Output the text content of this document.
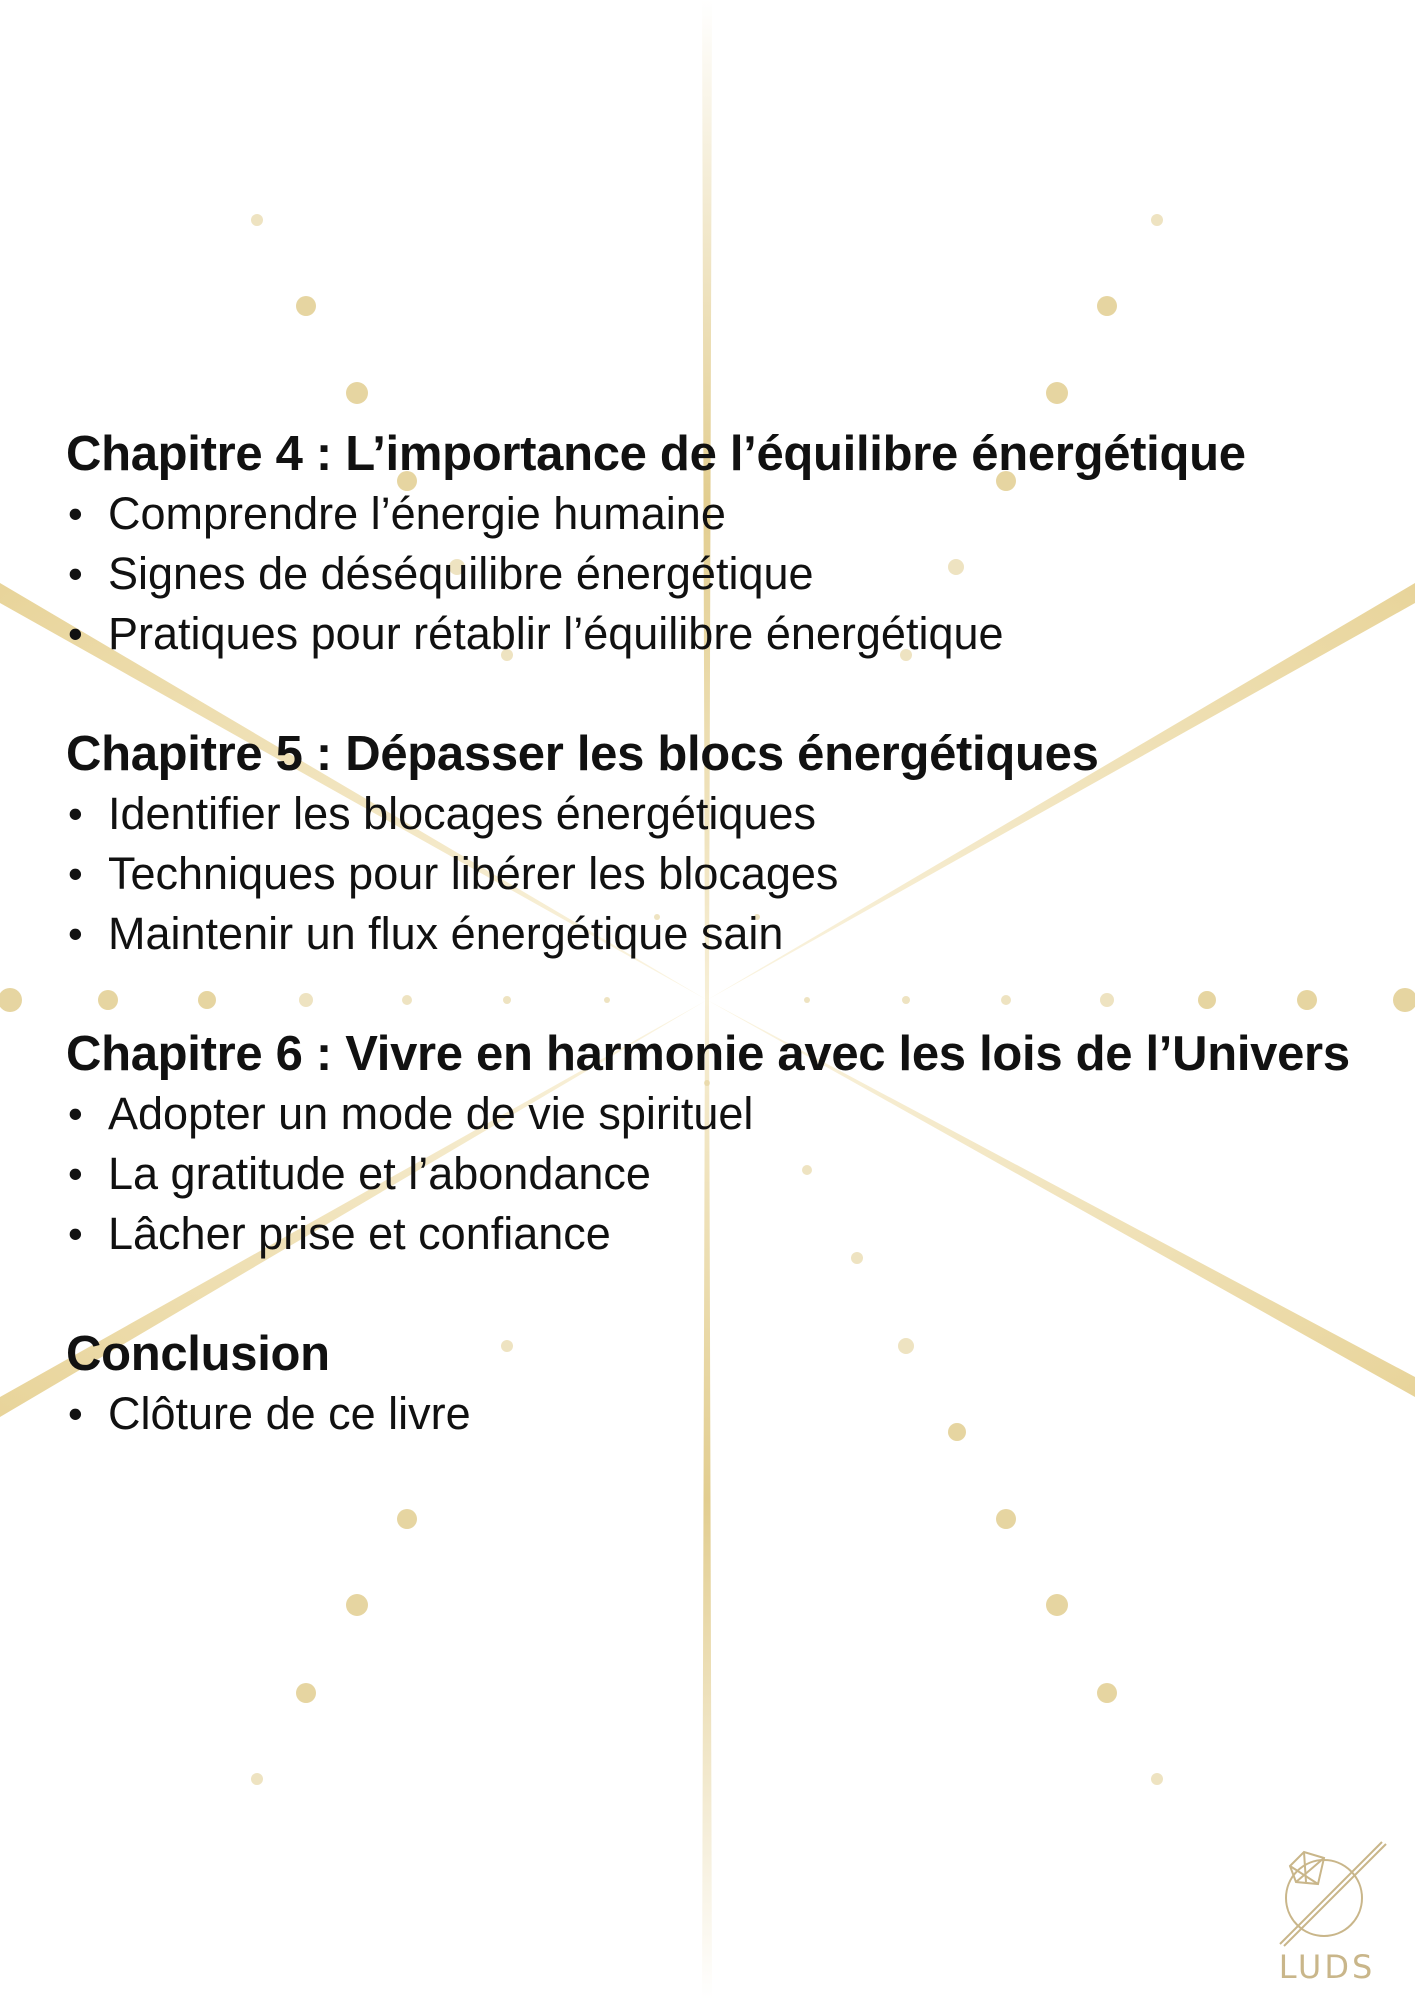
Chapitre 4 : L’importance de l’équilibre énergétique
• Comprendre l’énergie humaine
• Signes de déséquilibre énergétique
• Pratiques pour rétablir l’équilibre énergétique
Chapitre 5 : Dépasser les blocs énergétiques
• Identifier les blocages énergétiques
• Techniques pour libérer les blocages
• Maintenir un flux énergétique sain
Chapitre 6 : Vivre en harmonie avec les lois de l’Univers
• Adopter un mode de vie spirituel
• La gratitude et l’abondance
• Lâcher prise et confiance
Conclusion
• Clôture de ce livre
LUDS
